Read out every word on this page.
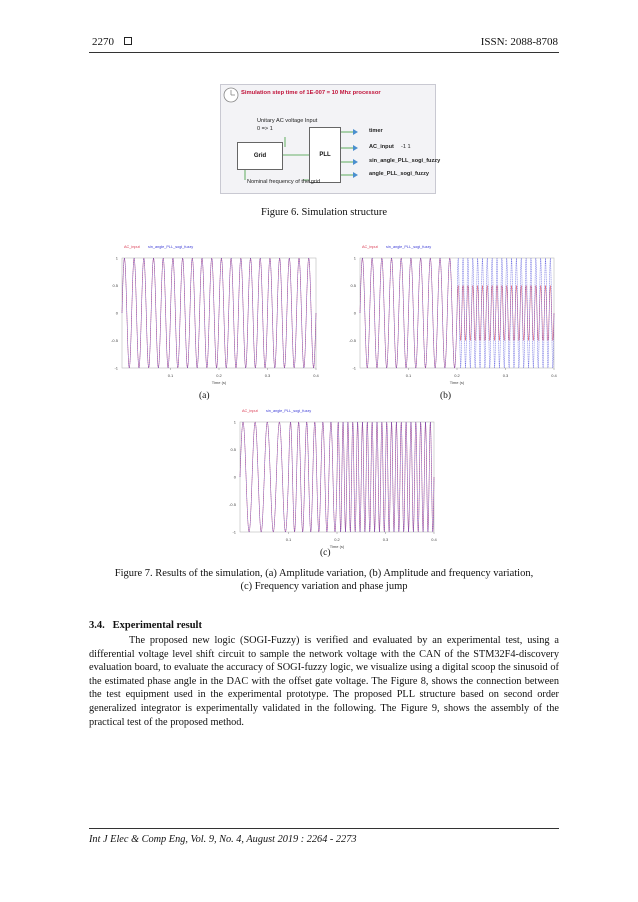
2270	ISSN: 2088-8708
Simulation step time of 1E-007 = 10 Mhz processor
Unitary AC voltage Input
0 => 1
Grid	PLL
Nominal frequency of the grid
timer
AC_input -1 1
sin_angle_PLL_sogi_fuzzy
angle_PLL_sogi_fuzzy
Figure 6. Simulation structure
AC_input sin_angle_PLL_sogi_fuzzy
1
0.5
0
-0.5
-1
0.1	0.2	0.3	0.4
Time (s)
AC_input sin_angle_PLL_sogi_fuzzy
1
0.5
0
-0.5
-1
0.1	0.2	0.3	0.4
Time (s)
AC_input sin_angle_PLL_sogi_fuzzy
1
0.5
0
-0.5
-1
0.1	0.2	0.3	0.4
Time (s)
(a)	(b)
(c)
Figure 7. Results of the simulation, (a) Amplitude variation, (b) Amplitude and frequency variation,
(c) Frequency variation and phase jump
3.4.   Experimental result

The proposed new logic (SOGI-Fuzzy) is verified and evaluated by an experimental test, using a differential voltage level shift circuit to sample the network voltage with the CAN of the STM32F4-discovery evaluation board, to evaluate the accuracy of SOGI-fuzzy logic, we visualize using a digital scoop the sinusoid of the estimated phase angle in the DAC with the offset gate voltage. The Figure 8, shows the connection between the test equipment used in the experimental prototype. The proposed PLL structure based on second order generalized integrator is experimentally validated in the following. The Figure 9, shows the assembly of the practical test of the proposed method.

Int J Elec & Comp Eng, Vol. 9, No. 4, August 2019 : 2264 - 2273
